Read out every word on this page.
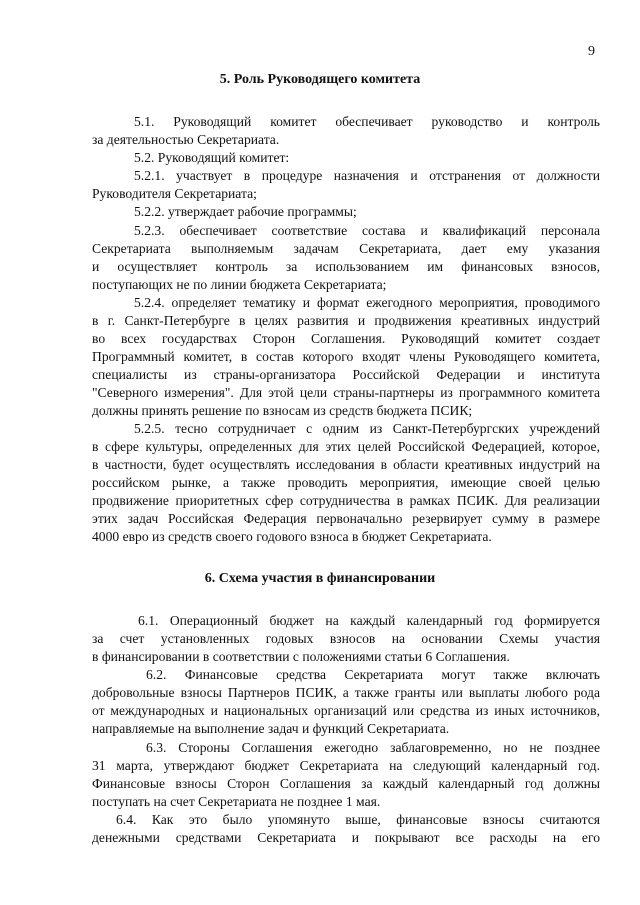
9
5. Роль Руководящего комитета
5.1. Руководящий комитет обеспечивает руководство и контроль
за деятельностью Секретариата.
5.2. Руководящий комитет:
5.2.1. участвует в процедуре назначения и отстранения от должности
Руководителя Секретариата;
5.2.2. утверждает рабочие программы;
5.2.3. обеспечивает соответствие состава и квалификаций персонала
Секретариата выполняемым задачам Секретариата, дает ему указания
и осуществляет контроль за использованием им финансовых взносов,
поступающих не по линии бюджета Секретариата;
5.2.4. определяет тематику и формат ежегодного мероприятия, проводимого
в г. Санкт-Петербурге в целях развития и продвижения креативных индустрий
во всех государствах Сторон Соглашения. Руководящий комитет создает
Программный комитет, в состав которого входят члены Руководящего комитета,
специалисты из страны-организатора Российской Федерации и института
"Северного измерения". Для этой цели страны-партнеры из программного комитета
должны принять решение по взносам из средств бюджета ПСИК;
5.2.5. тесно сотрудничает с одним из Санкт-Петербургских учреждений
в сфере культуры, определенных для этих целей Российской Федерацией, которое,
в частности, будет осуществлять исследования в области креативных индустрий на
российском рынке, а также проводить мероприятия, имеющие своей целью
продвижение приоритетных сфер сотрудничества в рамках ПСИК. Для реализации
этих задач Российская Федерация первоначально резервирует сумму в размере
4000 евро из средств своего годового взноса в бюджет Секретариата.
6. Схема участия в финансировании
6.1. Операционный бюджет на каждый календарный год формируется
за счет установленных годовых взносов на основании Схемы участия
в финансировании в соответствии с положениями статьи 6 Соглашения.
6.2. Финансовые средства Секретариата могут также включать
добровольные взносы Партнеров ПСИК, а также гранты или выплаты любого рода
от международных и национальных организаций или средства из иных источников,
направляемые на выполнение задач и функций Секретариата.
6.3. Стороны Соглашения ежегодно заблаговременно, но не позднее
31 марта, утверждают бюджет Секретариата на следующий календарный год.
Финансовые взносы Сторон Соглашения за каждый календарный год должны
поступать на счет Секретариата не позднее 1 мая.
6.4. Как это было упомянуто выше, финансовые взносы считаются
денежными средствами Секретариата и покрывают все расходы на его
